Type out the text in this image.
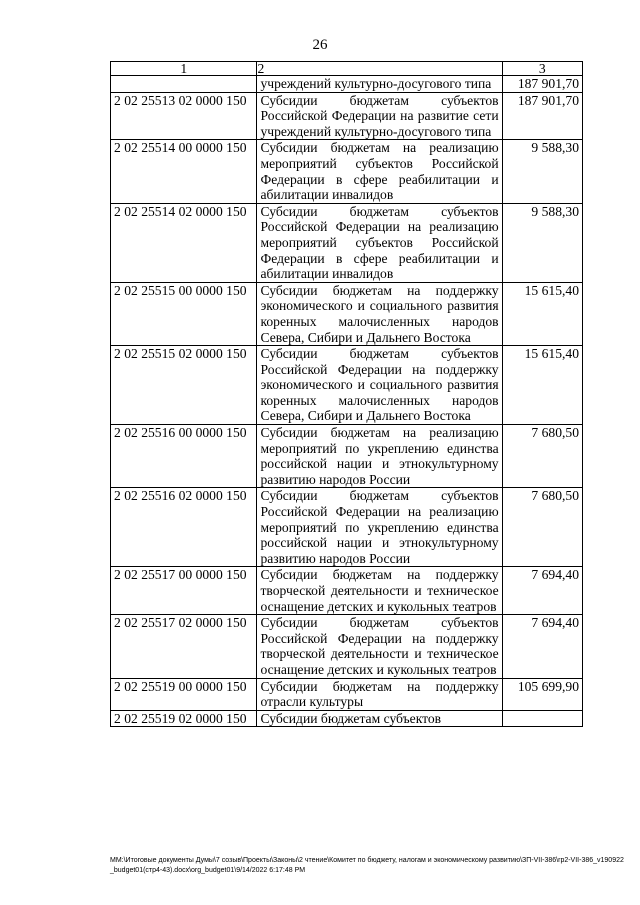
26
1	2	3
	учреждений культурно-досугового типа	187 901,70
2 02 25513 02 0000 150	Субсидии бюджетам субъектов Российской Федерации на развитие сети учреждений культурно-досугового типа	187 901,70
2 02 25514 00 0000 150	Субсидии бюджетам на реализацию мероприятий субъектов Российской Федерации в сфере реабилитации и абилитации инвалидов	9 588,30
2 02 25514 02 0000 150	Субсидии бюджетам субъектов Российской Федерации на реализацию мероприятий субъектов Российской Федерации в сфере реабилитации и абилитации инвалидов	9 588,30
2 02 25515 00 0000 150	Субсидии бюджетам на поддержку экономического и социального развития коренных малочисленных народов Севера, Сибири и Дальнего Востока	15 615,40
2 02 25515 02 0000 150	Субсидии бюджетам субъектов Российской Федерации на поддержку экономического и социального развития коренных малочисленных народов Севера, Сибири и Дальнего Востока	15 615,40
2 02 25516 00 0000 150	Субсидии бюджетам на реализацию мероприятий по укреплению единства российской нации и этнокультурному развитию народов России	7 680,50
2 02 25516 02 0000 150	Субсидии бюджетам субъектов Российской Федерации на реализацию мероприятий по укреплению единства российской нации и этнокультурному развитию народов России	7 680,50
2 02 25517 00 0000 150	Субсидии бюджетам на поддержку творческой деятельности и техническое оснащение детских и кукольных театров	7 694,40
2 02 25517 02 0000 150	Субсидии бюджетам субъектов Российской Федерации на поддержку творческой деятельности и техническое оснащение детских и кукольных театров	7 694,40
2 02 25519 00 0000 150	Субсидии бюджетам на поддержку отрасли культуры	105 699,90
2 02 25519 02 0000 150	Субсидии бюджетам субъектов	
ММ:\Итоговые документы Думы\7 созыв\Проекты\Законы\2 чтение\Комитет по бюджету, налогам и экономическому развитию\ЗП-VII-386\rp2-VII-386_v190922_budget01(стр4-43).docx\org_budget01\9/14/2022 6:17:48 PM
